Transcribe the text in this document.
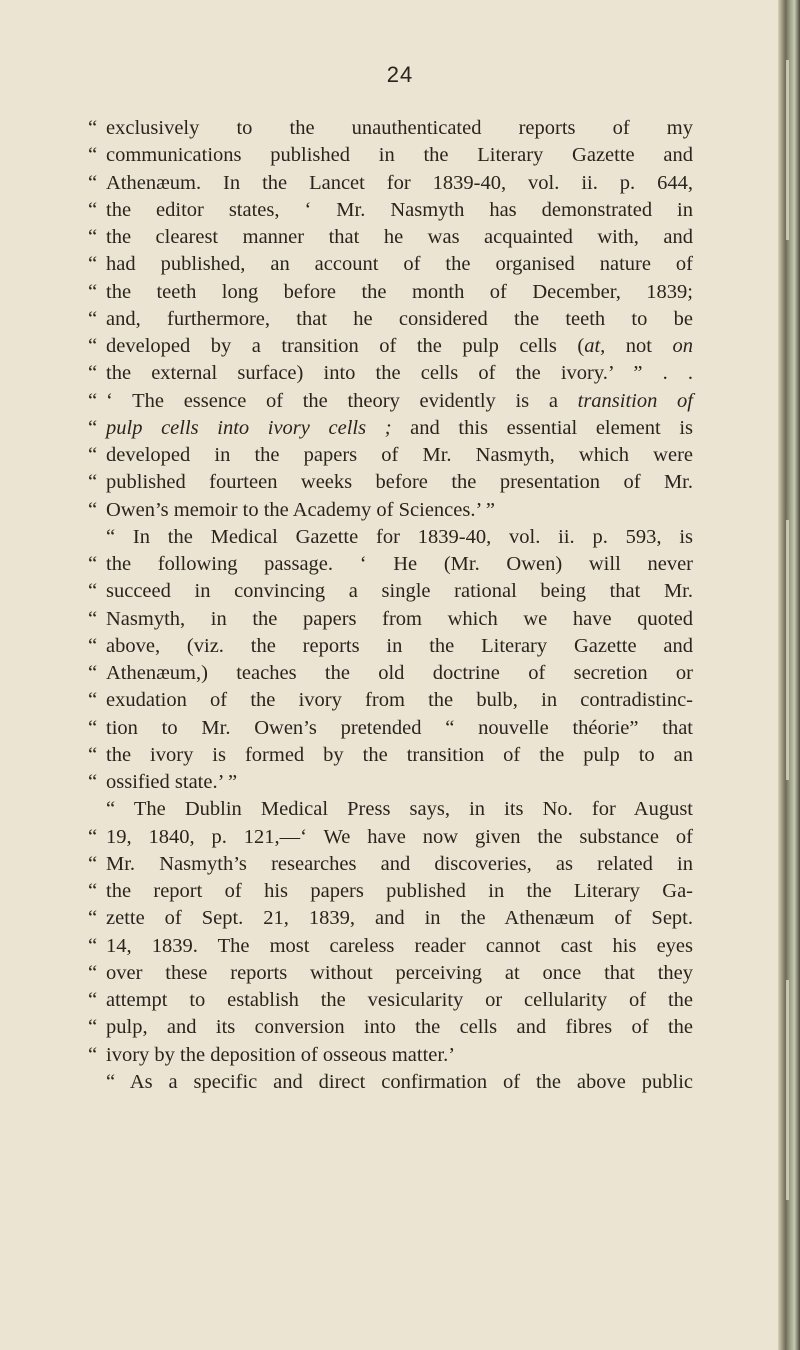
24
“ exclusively to the unauthenticated reports of my
“ communications published in the Literary Gazette and
“ Athenæum. In the Lancet for 1839-40, vol. ii. p. 644,
“ the editor states, ‘ Mr. Nasmyth has demonstrated in
“ the clearest manner that he was acquainted with, and
“ had published, an account of the organised nature of
“ the teeth long before the month of December, 1839;
“ and, furthermore, that he considered the teeth to be
“ developed by a transition of the pulp cells (at, not on
“ the external surface) into the cells of the ivory.’ ” . .
“ ‘ The essence of the theory evidently is a transition of
“ pulp cells into ivory cells ; and this essential element is
“ developed in the papers of Mr. Nasmyth, which were
“ published fourteen weeks before the presentation of Mr.
“ Owen’s memoir to the Academy of Sciences.’ ”
“ In the Medical Gazette for 1839-40, vol. ii. p. 593, is
“ the following passage. ‘ He (Mr. Owen) will never
“ succeed in convincing a single rational being that Mr.
“ Nasmyth, in the papers from which we have quoted
“ above, (viz. the reports in the Literary Gazette and
“ Athenæum,) teaches the old doctrine of secretion or
“ exudation of the ivory from the bulb, in contradistinc-
“ tion to Mr. Owen’s pretended “ nouvelle théorie” that
“ the ivory is formed by the transition of the pulp to an
“ ossified state.’ ”
“ The Dublin Medical Press says, in its No. for August
“ 19, 1840, p. 121,—‘ We have now given the substance of
“ Mr. Nasmyth’s researches and discoveries, as related in
“ the report of his papers published in the Literary Ga-
“ zette of Sept. 21, 1839, and in the Athenæum of Sept.
“ 14, 1839. The most careless reader cannot cast his eyes
“ over these reports without perceiving at once that they
“ attempt to establish the vesicularity or cellularity of the
“ pulp, and its conversion into the cells and fibres of the
“ ivory by the deposition of osseous matter.’
“ As a specific and direct confirmation of the above public
